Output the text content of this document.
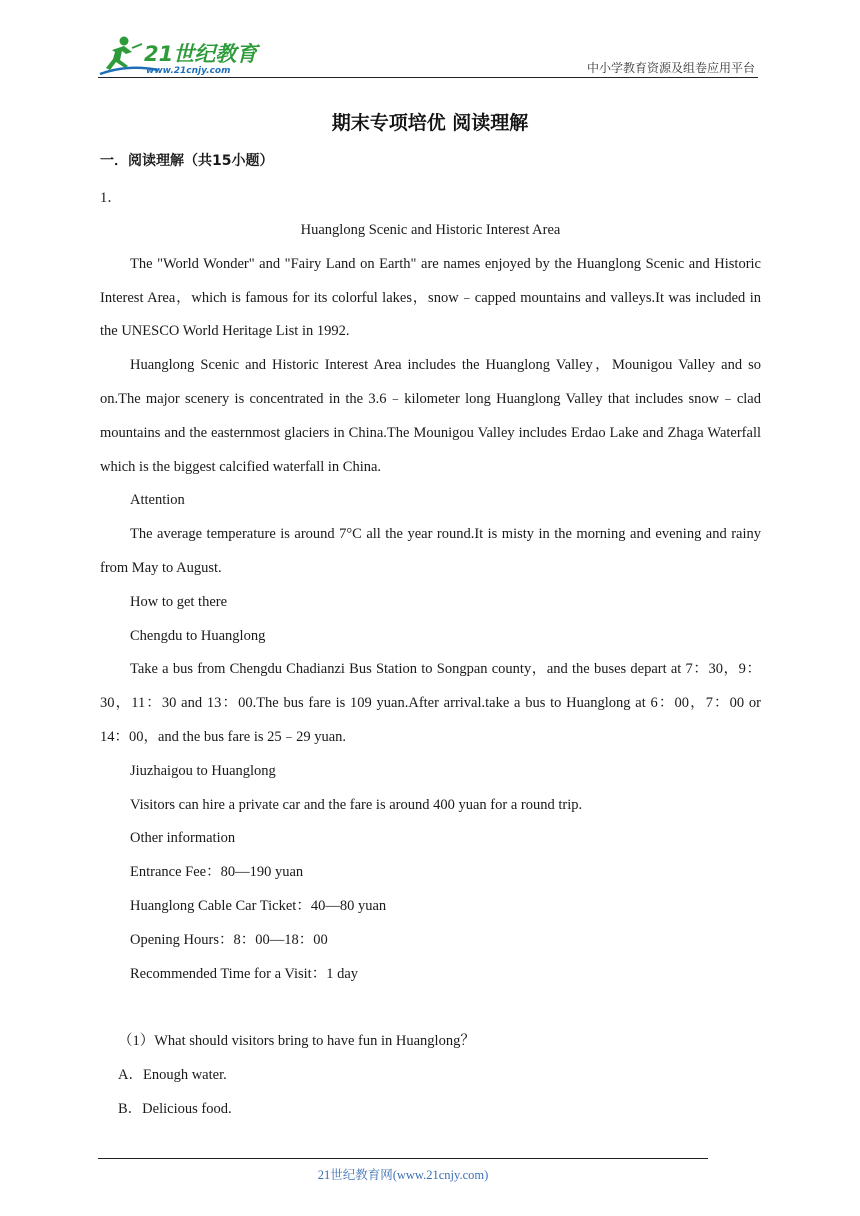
21世纪教育
www.21cnjy.com	中小学教育资源及组卷应用平台
期末专项培优 阅读理解
一．阅读理解（共15小题）
1．

Huanglong Scenic and Historic Interest Area

The "World Wonder" and "Fairy Land on Earth" are names enjoyed by the Huanglong Scenic and Historic Interest Area，which is famous for its colorful lakes，snow﹣capped mountains and valleys.It was included in the UNESCO World Heritage List in 1992.

Huanglong Scenic and Historic Interest Area includes the Huanglong Valley，Mounigou Valley and so on.The major scenery is concentrated in the 3.6﹣kilometer long Huanglong Valley that includes snow﹣clad mountains and the easternmost glaciers in China.The Mounigou Valley includes Erdao Lake and Zhaga Waterfall which is the biggest calcified waterfall in China.

Attention

The average temperature is around 7°C all the year round.It is misty in the morning and evening and rainy from May to August.

How to get there

Chengdu to Huanglong

Take a bus from Chengdu Chadianzi Bus Station to Songpan county，and the buses depart at 7：30，9：30，11：30 and 13：00.The bus fare is 109 yuan.After arrival.take a bus to Huanglong at 6：00，7：00 or 14：00，and the bus fare is 25﹣29 yuan.

Jiuzhaigou to Huanglong

Visitors can hire a private car and the fare is around 400 yuan for a round trip.

Other information

Entrance Fee：80—190 yuan

Huanglong Cable Car Ticket：40—80 yuan

Opening Hours：8：00—18：00

Recommended Time for a Visit：1 day

（1）What should visitors bring to have fun in Huanglong？

A．Enough water.

B．Delicious food.

21世纪教育网(www.21cnjy.com)
